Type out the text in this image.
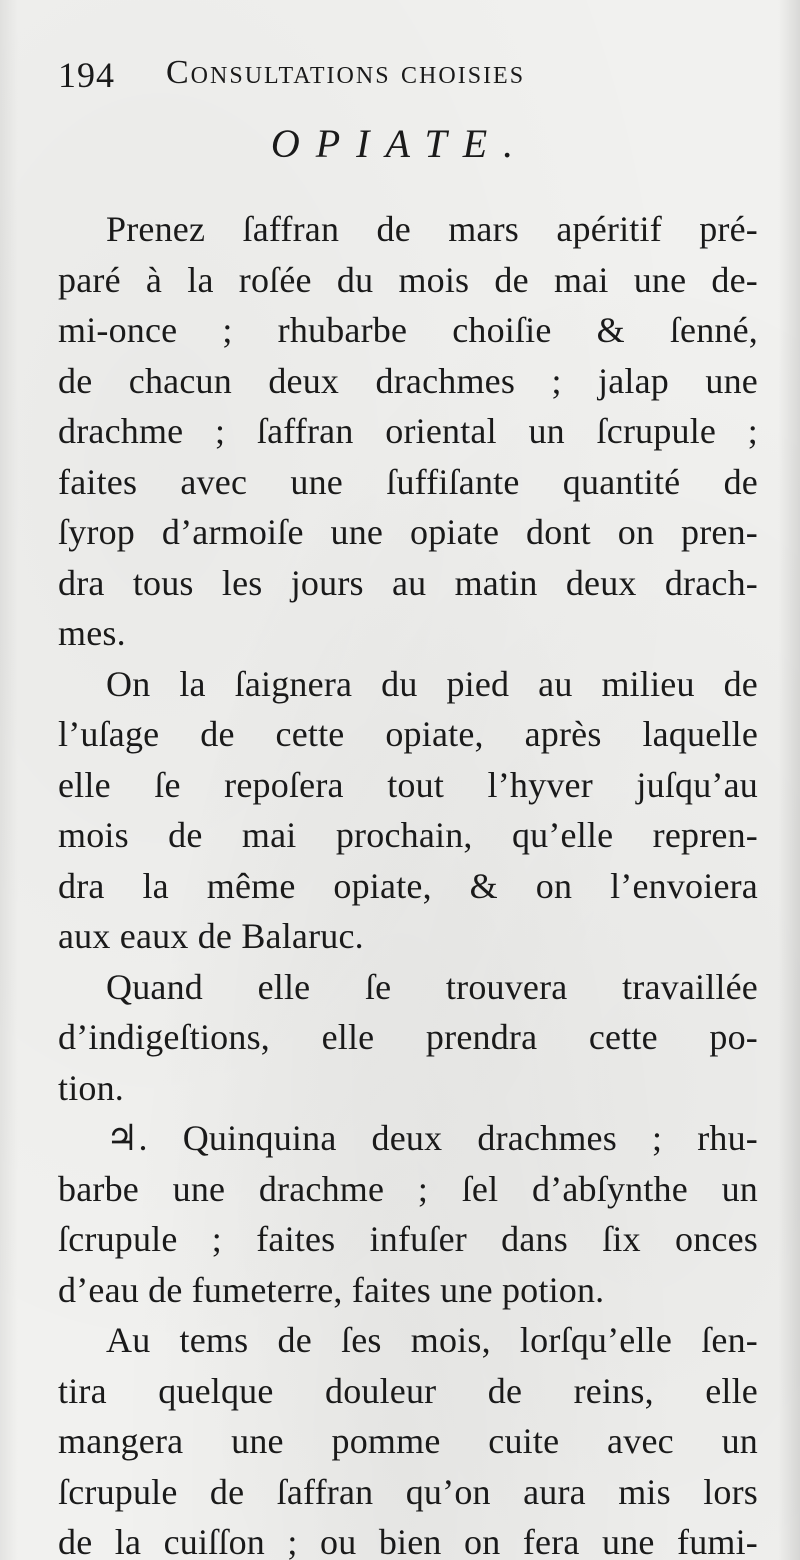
194 Consultations choisies
OPIATE.
Prenez ſaffran de mars apéritif pré-
paré à la roſée du mois de mai une de-
mi-once ; rhubarbe choiſie & ſenné,
de chacun deux drachmes ; jalap une
drachme ; ſaffran oriental un ſcrupule ;
faites avec une ſuffiſante quantité de
ſyrop d’armoiſe une opiate dont on pren-
dra tous les jours au matin deux drach-
mes.
On la ſaignera du pied au milieu de
l’uſage de cette opiate, après laquelle
elle ſe repoſera tout l’hyver juſqu’au
mois de mai prochain, qu’elle repren-
dra la même opiate, & on l’envoiera
aux eaux de Balaruc.
Quand elle ſe trouvera travaillée
d’indigeſtions, elle prendra cette po-
tion.
♃. Quinquina deux drachmes ; rhu-
barbe une drachme ; ſel d’abſynthe un
ſcrupule ; faites infuſer dans ſix onces
d’eau de fumeterre, faites une potion.
Au tems de ſes mois, lorſqu’elle ſen-
tira quelque douleur de reins, elle
mangera une pomme cuite avec un
ſcrupule de ſaffran qu’on aura mis lors
de la cuiſſon ; ou bien on fera une fumi-
